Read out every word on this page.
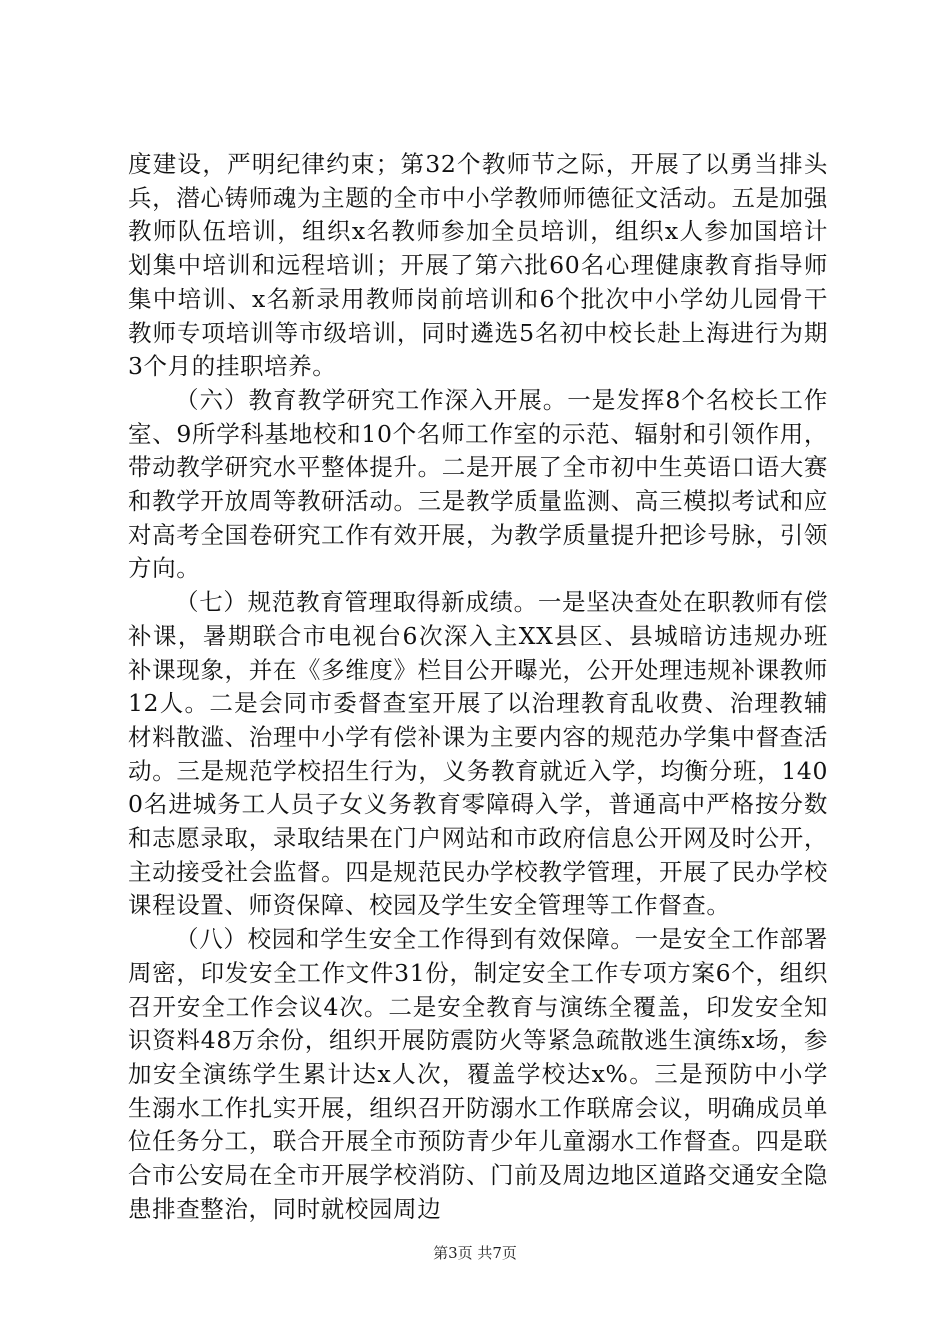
度建设，严明纪律约束；第32个教师节之际，开展了以勇当排头兵，潜心铸师魂为主题的全市中小学教师师德征文活动。五是加强教师队伍培训，组织x名教师参加全员培训，组织x人参加国培计划集中培训和远程培训；开展了第六批60名心理健康教育指导师集中培训、x名新录用教师岗前培训和6个批次中小学幼儿园骨干教师专项培训等市级培训，同时遴选5名初中校长赴上海进行为期3个月的挂职培养。

（六）教育教学研究工作深入开展。一是发挥8个名校长工作室、9所学科基地校和10个名师工作室的示范、辐射和引领作用，带动教学研究水平整体提升。二是开展了全市初中生英语口语大赛和教学开放周等教研活动。三是教学质量监测、高三模拟考试和应对高考全国卷研究工作有效开展，为教学质量提升把诊号脉，引领方向。

（七）规范教育管理取得新成绩。一是坚决查处在职教师有偿补课，暑期联合市电视台6次深入主XX县区、县城暗访违规办班补课现象，并在《多维度》栏目公开曝光，公开处理违规补课教师12人。二是会同市委督查室开展了以治理教育乱收费、治理教辅材料散滥、治理中小学有偿补课为主要内容的规范办学集中督查活动。三是规范学校招生行为，义务教育就近入学，均衡分班，1400名进城务工人员子女义务教育零障碍入学，普通高中严格按分数和志愿录取，录取结果在门户网站和市政府信息公开网及时公开，主动接受社会监督。四是规范民办学校教学管理，开展了民办学校课程设置、师资保障、校园及学生安全管理等工作督查。

（八）校园和学生安全工作得到有效保障。一是安全工作部署周密，印发安全工作文件31份，制定安全工作专项方案6个，组织召开安全工作会议4次。二是安全教育与演练全覆盖，印发安全知识资料48万余份，组织开展防震防火等紧急疏散逃生演练x场，参加安全演练学生累计达x人次，覆盖学校达x%。三是预防中小学生溺水工作扎实开展，组织召开防溺水工作联席会议，明确成员单位任务分工，联合开展全市预防青少年儿童溺水工作督查。四是联合市公安局在全市开展学校消防、门前及周边地区道路交通安全隐患排查整治，同时就校园周边

第3页 共7页
